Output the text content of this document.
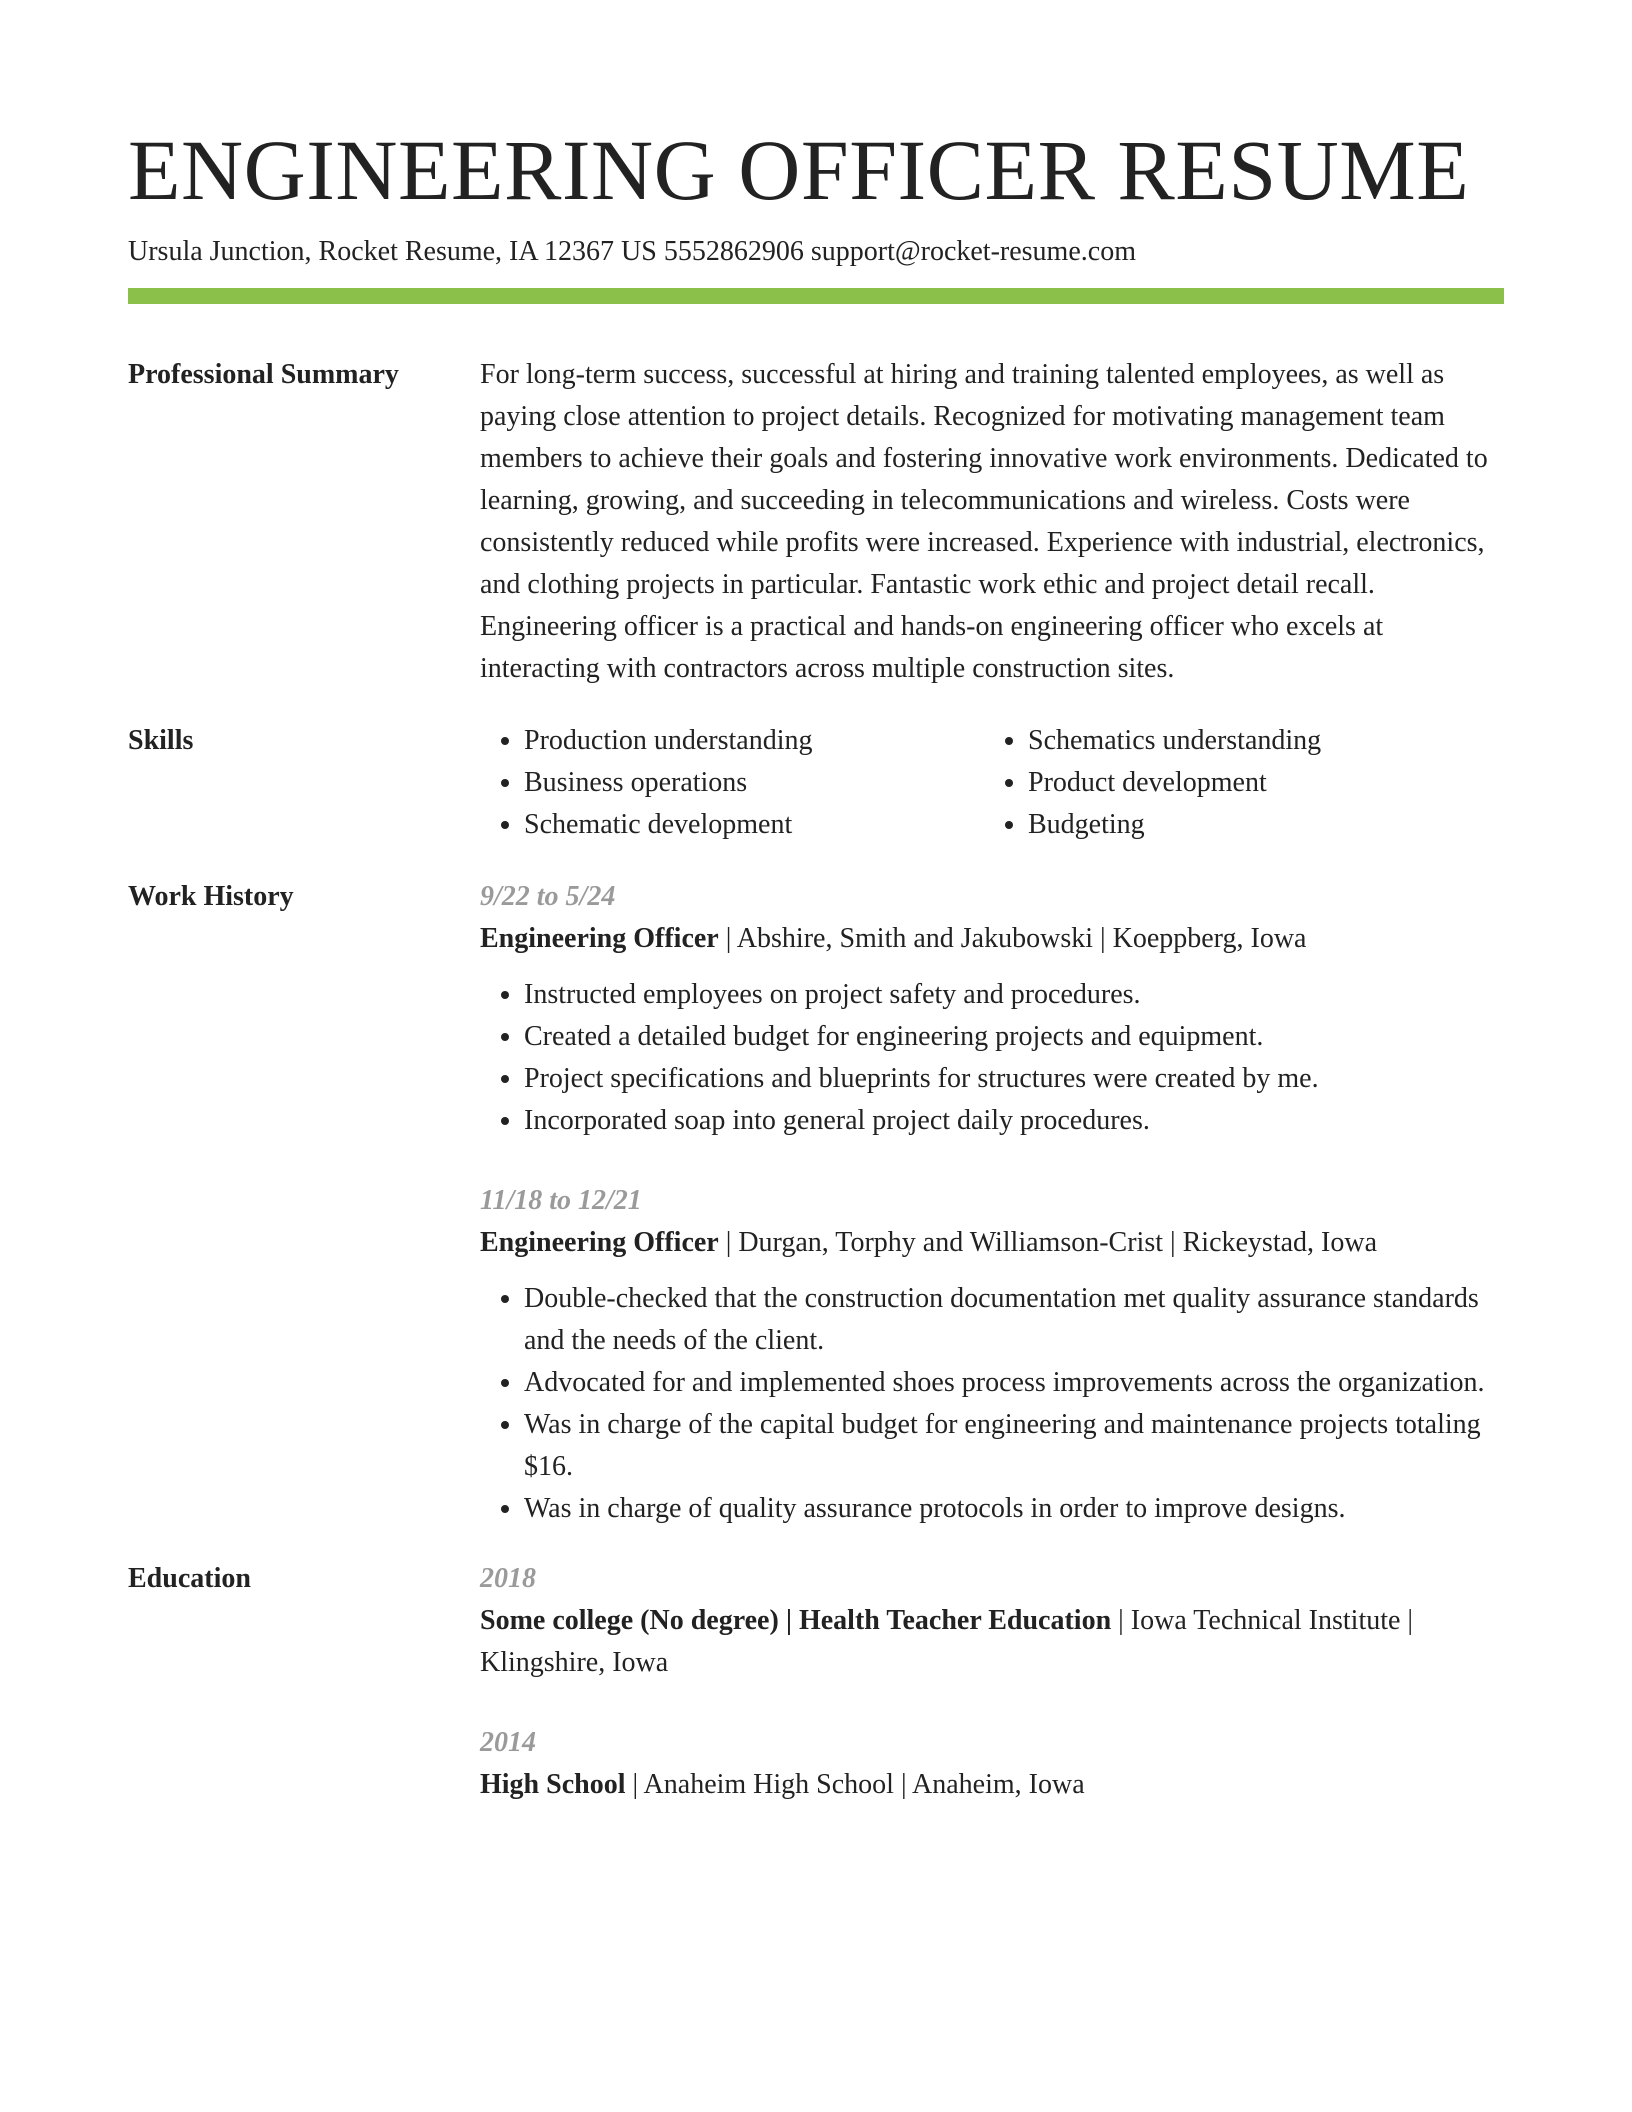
ENGINEERING OFFICER RESUME
Ursula Junction, Rocket Resume, IA 12367 US 5552862906 support@rocket-resume.com
Professional Summary	For long-term success, successful at hiring and training talented employees, as well as paying close attention to project details. Recognized for motivating management team members to achieve their goals and fostering innovative work environments. Dedicated to learning, growing, and succeeding in telecommunications and wireless. Costs were consistently reduced while profits were increased. Experience with industrial, electronics, and clothing projects in particular. Fantastic work ethic and project detail recall. Engineering officer is a practical and hands-on engineering officer who excels at interacting with contractors across multiple construction sites.

Skills
•	Production understanding
• Business operations
• Schematic development
• Schematics understanding
• Product development
• Budgeting
Work History	9/22 to 5/24
Engineering Officer | Abshire, Smith and Jakubowski | Koeppberg, Iowa
• Instructed employees on project safety and procedures.
• Created a detailed budget for engineering projects and equipment.
• Project specifications and blueprints for structures were created by me.
• Incorporated soap into general project daily procedures.
11/18 to 12/21
Engineering Officer | Durgan, Torphy and Williamson-Crist | Rickeystad, Iowa
• Double-checked that the construction documentation met quality assurance standards and the needs of the client.
• Advocated for and implemented shoes process improvements across the organization.
• Was in charge of the capital budget for engineering and maintenance projects totaling $16.
• Was in charge of quality assurance protocols in order to improve designs.
Education	2018
Some college (No degree) | Health Teacher Education | Iowa Technical Institute | Klingshire, Iowa
2014
High School | Anaheim High School | Anaheim, Iowa
